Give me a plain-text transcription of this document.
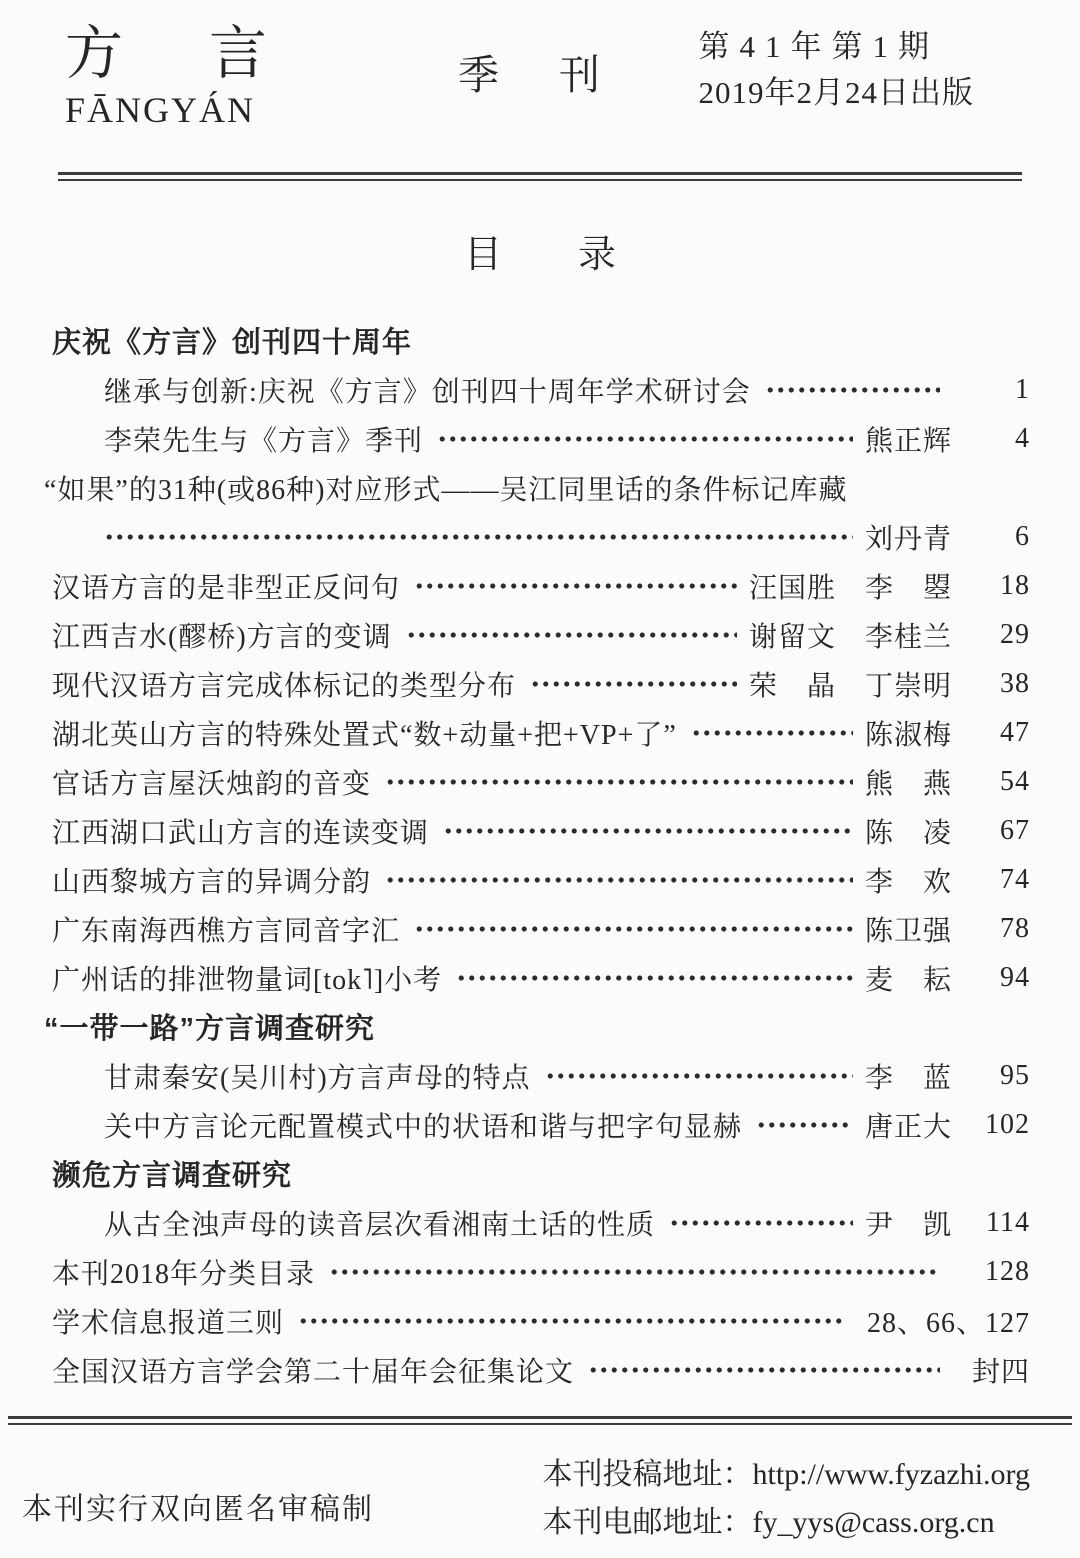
方言
FĀNGYÁN
季刊
第41年第1期
2019年2月24日出版
目录
庆祝《方言》创刊四十周年
继承与创新:庆祝《方言》创刊四十周年学术研讨会	1
李荣先生与《方言》季刊	熊正辉	4
“如果”的31种(或86种)对应形式——吴江同里话的条件标记库藏
刘丹青	6
汉语方言的是非型正反问句	汪国胜　李　曌	18
江西吉水(醪桥)方言的变调	谢留文　李桂兰	29
现代汉语方言完成体标记的类型分布	荣　晶　丁崇明	38
湖北英山方言的特殊处置式“数+动量+把+VP+了”	陈淑梅	47
官话方言屋沃烛韵的音变	熊　燕	54
江西湖口武山方言的连读变调	陈　凌	67
山西黎城方言的异调分韵	李　欢	74
广东南海西樵方言同音字汇	陈卫强	78
广州话的排泄物量词[tok˥]小考	麦　耘	94
“一带一路”方言调查研究
甘肃秦安(吴川村)方言声母的特点	李　蓝	95
关中方言论元配置模式中的状语和谐与把字句显赫	唐正大	102
濒危方言调查研究
从古全浊声母的读音层次看湘南土话的性质	尹　凯	114
本刊2018年分类目录	128
学术信息报道三则	28、66、127
全国汉语方言学会第二十届年会征集论文	封四
本刊实行双向匿名审稿制
本刊投稿地址：http://www.fyzazhi.org
本刊电邮地址：fy_yys@cass.org.cn
